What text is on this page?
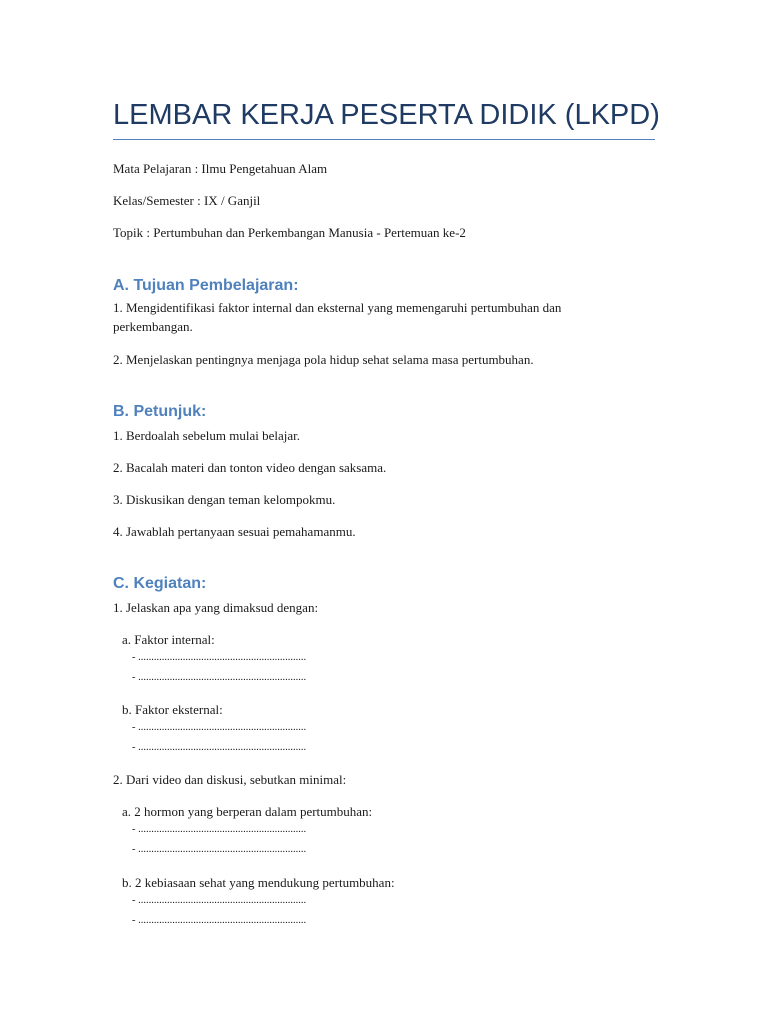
LEMBAR KERJA PESERTA DIDIK (LKPD)
Mata Pelajaran : Ilmu Pengetahuan Alam
Kelas/Semester : IX / Ganjil
Topik : Pertumbuhan dan Perkembangan Manusia - Pertemuan ke-2
A. Tujuan Pembelajaran:
1. Mengidentifikasi faktor internal dan eksternal yang memengaruhi pertumbuhan dan
perkembangan.
2. Menjelaskan pentingnya menjaga pola hidup sehat selama masa pertumbuhan.
B. Petunjuk:
1. Berdoalah sebelum mulai belajar.
2. Bacalah materi dan tonton video dengan saksama.
3. Diskusikan dengan teman kelompokmu.
4. Jawablah pertanyaan sesuai pemahamanmu.
C. Kegiatan:
1. Jelaskan apa yang dimaksud dengan:
a. Faktor internal:
- ................................................................
- ................................................................
b. Faktor eksternal:
- ................................................................
- ................................................................
2. Dari video dan diskusi, sebutkan minimal:
a. 2 hormon yang berperan dalam pertumbuhan:
- ................................................................
- ................................................................
b. 2 kebiasaan sehat yang mendukung pertumbuhan:
- ................................................................
- ................................................................
